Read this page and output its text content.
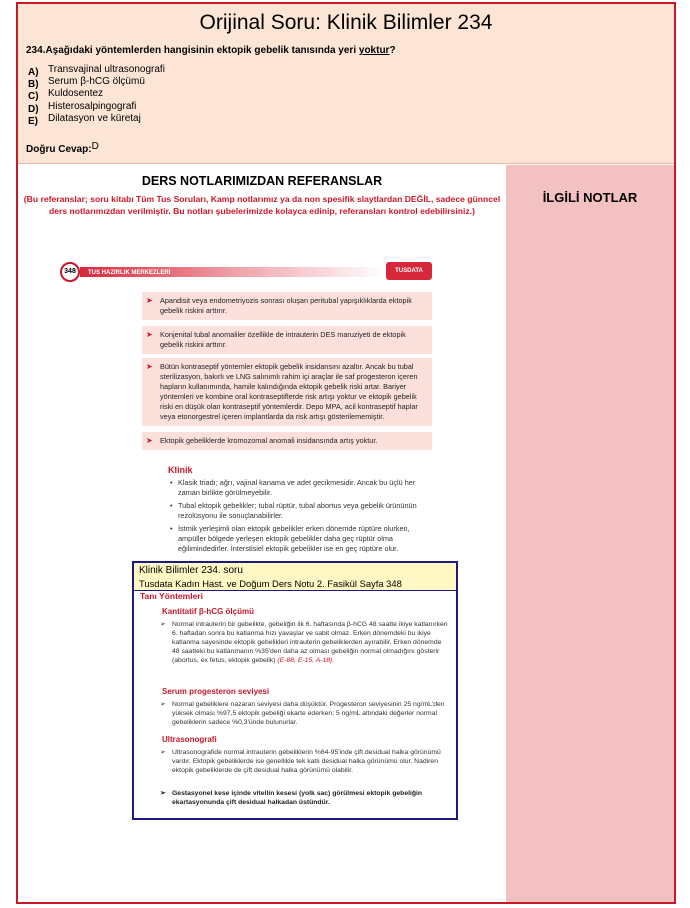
Orijinal Soru: Klinik Bilimler 234
234.Aşağıdaki yöntemlerden hangisinin ektopik gebelik tanısında yeri yoktur?
A) Transvajinal ultrasonografi
B) Serum β-hCG ölçümü
C) Kuldosentez
D) Histerosalpingografi
E) Dilatasyon ve küretaj
Doğru Cevap:D
DERS NOTLARIMIZDAN REFERANSLAR
(Bu referanslar; soru kitabı Tüm Tus Soruları, Kamp notlarımız ya da non spesifik slaytlardan DEĞİL, sadece günncel ders notlarımızdan verilmiştir. Bu notları şubelerimizde kolayca edinip, referansları kontrol edebilirsiniz.)
İLGİLİ NOTLAR
TUS HAZIRLIK MERKEZLERİ
348	TUSDATA
➤ Apandisit veya endometriyozis sonrası oluşan peritubal yapışıklıklarda ektopik gebelik riskini arttırır.
➤ Konjenital tubal anomaliler özellikle de intrauterin DES maruziyeti de ektopik gebelik riskini arttırır.
➤ Bütün kontraseptif yöntemler ektopik gebelik insidansını azaltır. Ancak bu tubal sterilizasyon, bakırlı ve LNG salınımlı rahim içi araçlar ile saf progesteron içeren hapların kullanımında, hamile kalındığında ektopik gebelik riski artar. Bariyer yöntemleri ve kombine oral kontraseptiflerde risk artışı yoktur ve ektopik gebelik riski en düşük olan kontraseptif yöntemlerdir. Depo MPA, acil kontraseptif haplar veya etonorgestrel içeren implantlarda da risk artışı gösterilememiştir.
➤ Ektopik gebeliklerde kromozomal anomali insidansında artış yoktur.
Klinik
• Klasik triadı; ağrı, vajinal kanama ve adet gecikmesidir. Ancak bu üçlü her zaman birlikte görülmeyebilir.
• Tubal ektopik gebelikler; tubal rüptür, tubal abortus veya gebelik ürününün rezolüsyonu ile sonuçlanabilirler.
• İstmik yerleşimli olan ektopik gebelikler erken dönemde rüptüre olurken, ampüller bölgede yerleşen ektopik gebelikler daha geç rüptür olma eğilimindedirler. İnterstisiel ektopik gebelikler ise en geç rüptüre olur.
Klinik Bilimler 234. soru
Tusdata Kadın Hast. ve Doğum Ders Notu 2. Fasikül Sayfa 348
Tanı Yöntemleri
Kantitatif β-hCG ölçümü
➢ Normal intrauterin bir gebelikte, gebeliğin ilk 6. haftasında β-hCG 48 saatte ikiye katlanırken 6. haftadan sonra bu katlanma hızı yavaşlar ve sabit olmaz. Erken dönemdeki bu ikiye katlanma sayesinde ektopik gebelikleri intrauterin gebeliklerden ayırabilir. Erken dönemde 48 saatteki bu katlanmanın %35'den daha az olması gebeliğin normal olmadığını gösterir (abortus, ex fetus, ektopik gebelik) (E-88, E-15, A-18).
Serum progesteron seviyesi
➢ Normal gebeliklere nazaran seviyesi daha düşüktür. Progesteron seviyesinin 25 ng/mL'den yüksek olması %97,5 ektopik gebeliği ekarte ederken; 5 ng/mL altındaki değerler normal gebeliklerin sadece %0,3'ünde bulunurlar.
Ultrasonografi
➢ Ultrasonografide normal intrauterin gebeliklerin %64-95'inde çift desidual halka görünümü vardır. Ektopik gebeliklerde ise genellikle tek katlı desidual halka görünümü olur. Nadiren ektopik gebeliklerde de çift desidual halka görünümü olabilir.
➢ Gestasyonel kese içinde vitellin kesesi (yolk sac) görülmesi ektopik gebeliğin ekartasyonunda çift desidual halkadan üstündür.
